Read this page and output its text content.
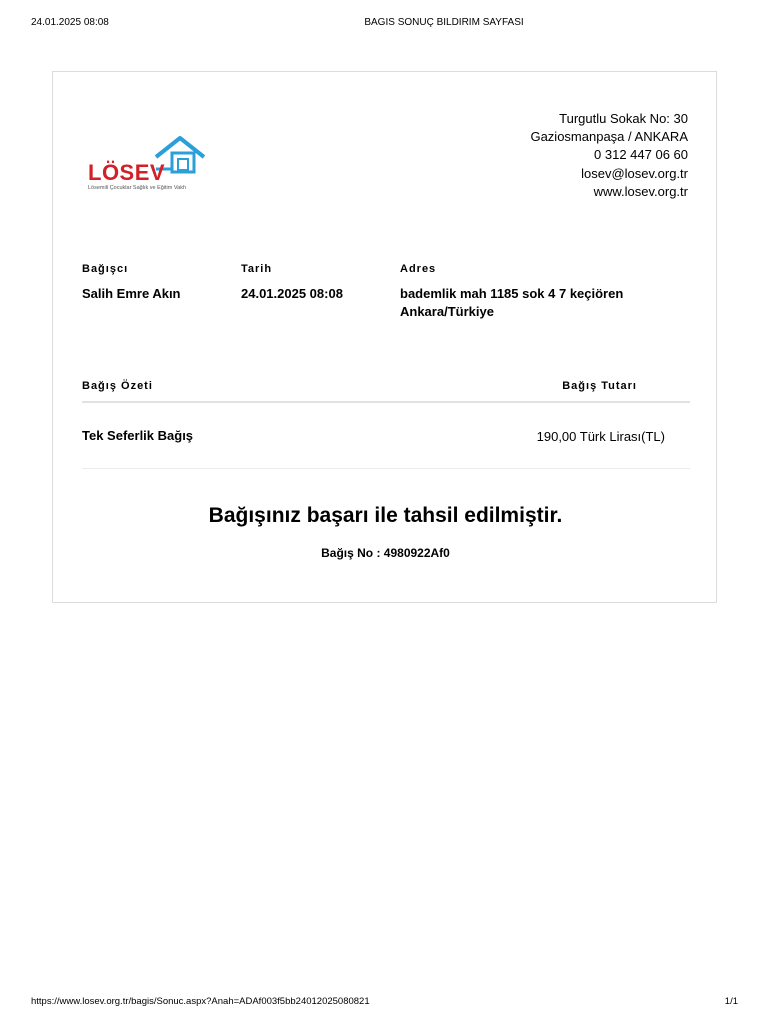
24.01.2025 08:08	BAGIS SONUÇ BILDIRIM SAYFASI
LÖSEV
Lösemili Çocuklar Sağlık ve Eğitim Vakfı
Turgutlu Sokak No: 30
Gaziosmanpaşa / ANKARA
0 312 447 06 60
losev@losev.org.tr
www.losev.org.tr
Bağışcı	Tarih	Adres
Salih Emre Akın	24.01.2025 08:08	bademlik mah 1185 sok 4 7 keçiören
Ankara/Türkiye
Bağış Özeti	Bağış Tutarı
Tek Seferlik Bağış	190,00 Türk Lirası(TL)
Bağışınız başarı ile tahsil edilmiştir.
Bağış No : 4980922Af0
https://www.losev.org.tr/bagis/Sonuc.aspx?Anah=ADAf003f5bb24012025080821	1/1
